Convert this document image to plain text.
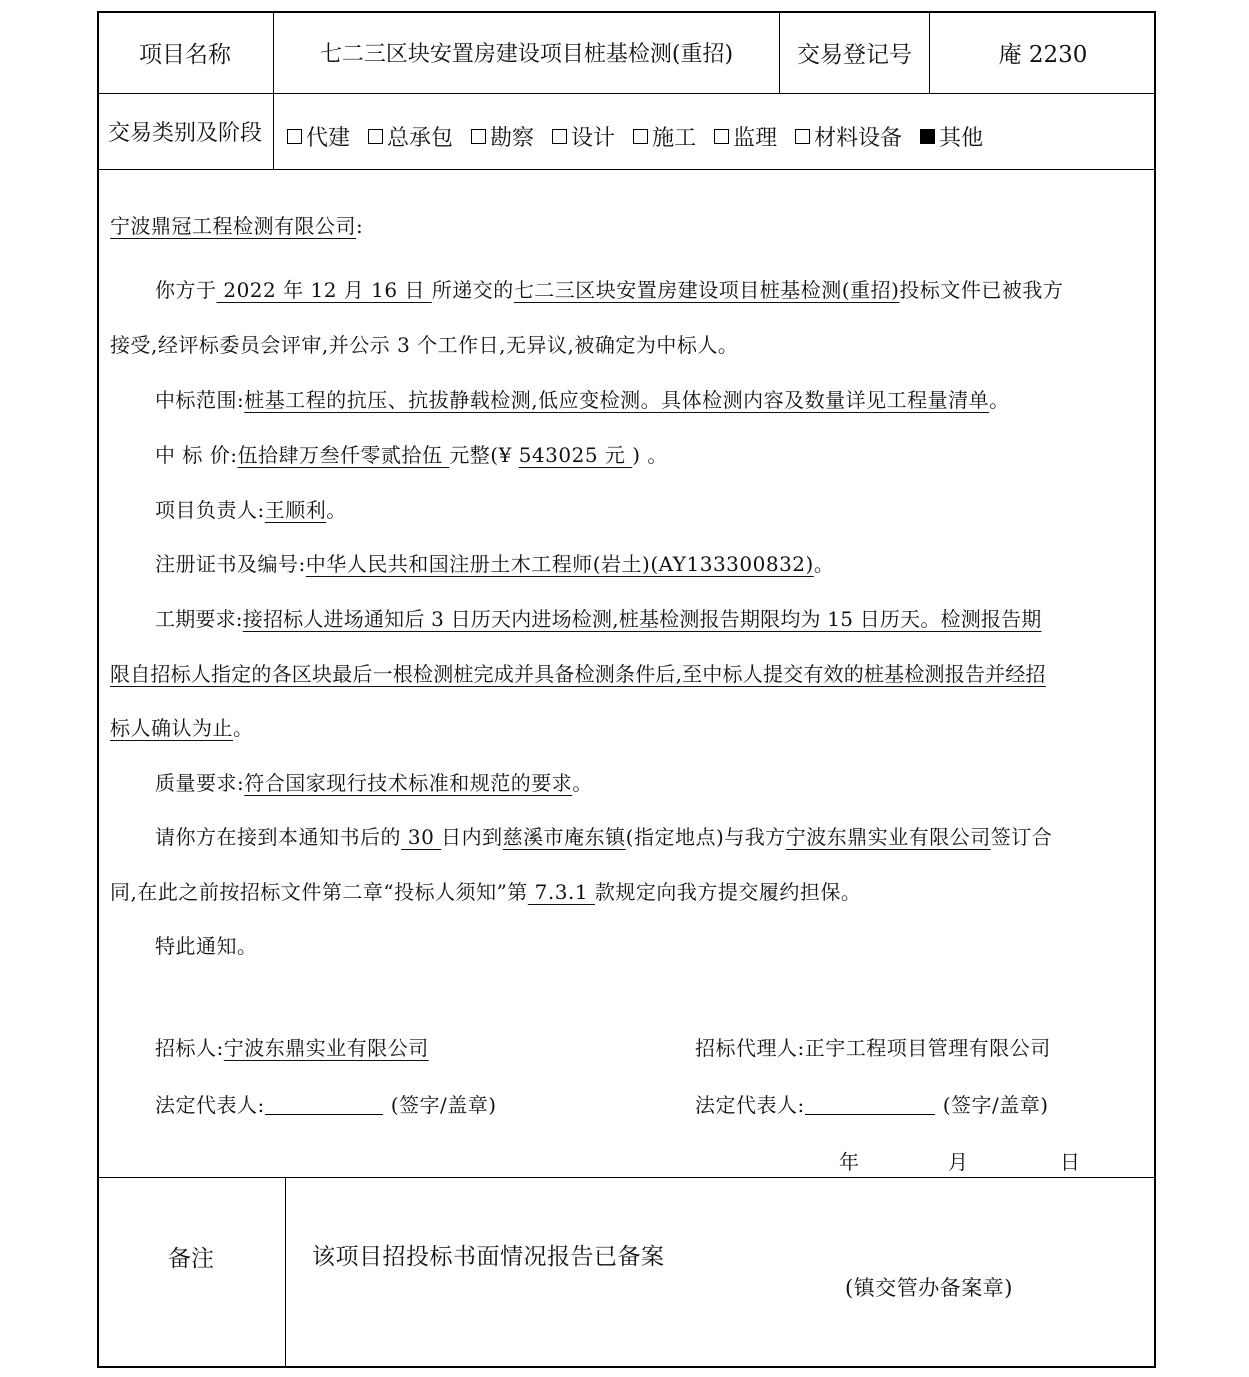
项目名称	七二三区块安置房建设项目桩基检测(重招)	交易登记号	庵 2230
交易类别及阶段	代建 总承包 勘察 设计 施工 监理 材料设备 其他
宁波鼎冠工程检测有限公司:
你方于 2022 年 12 月 16 日 所递交的七二三区块安置房建设项目桩基检测(重招)投标文件已被我方
接受,经评标委员会评审,并公示 3 个工作日,无异议,被确定为中标人。
中标范围:桩基工程的抗压、抗拔静载检测,低应变检测。具体检测内容及数量详见工程量清单。
中 标 价:伍拾肆万叁仟零贰拾伍 元整(¥ 543025 元 ) 。
项目负责人:王顺利。
注册证书及编号:中华人民共和国注册土木工程师(岩土)(AY133300832)。
工期要求:接招标人进场通知后 3 日历天内进场检测,桩基检测报告期限均为 15 日历天。检测报告期
限自招标人指定的各区块最后一根检测桩完成并具备检测条件后,至中标人提交有效的桩基检测报告并经招
标人确认为止。
质量要求:符合国家现行技术标准和规范的要求。
请你方在接到本通知书后的 30 日内到慈溪市庵东镇(指定地点)与我方宁波东鼎实业有限公司签订合
同,在此之前按招标文件第二章“投标人须知”第 7.3.1 款规定向我方提交履约担保。
特此通知。
招标人:宁波东鼎实业有限公司	招标代理人:正宇工程项目管理有限公司
法定代表人:	(签字/盖章)	法定代表人:	(签字/盖章)
年	月	日
备注	该项目招投标书面情况报告已备案
(镇交管办备案章)
